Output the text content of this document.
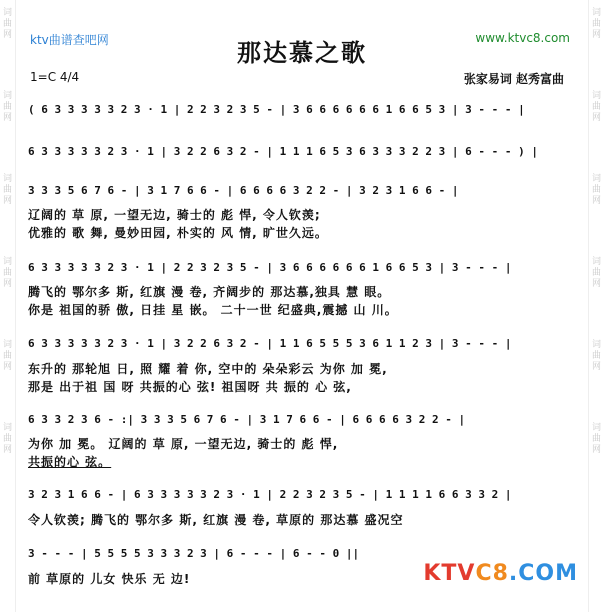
词
曲
网
词
曲
网
词
曲
网
词
曲
网
词
曲
网
词
曲
网
词
曲
网
词
曲
网
词
曲
网
词
曲
网
词
曲
网
词
曲
网
ktv曲谱查吧网	www.ktvc8.com
那达慕之歌
1=C 4/4	张家易词 赵秀富曲
( 6 3 3 3 3 3 2 3 · 1 | 2 2 3 2 3 5 - | 3 6 6 6 6 6 6 1 6 6 5 3 | 3 - - - |
6 3 3 3 3 3 2 3 · 1 | 3 2 2 6 3 2 - | 1 1 1 6 5 3 6 3 3 3 2 2 3 | 6 - - - ) |
3 3 3 5 6 7 6 - | 3 1 7 6 6 - | 6 6 6 6 3 2 2 - | 3 2 3 1 6 6 - |
辽阔的 草 原, 一望无边, 骑士的 彪 悍, 令人钦羡;
优雅的 歌 舞, 曼妙田园, 朴实的 风 情, 旷世久远。
6 3 3 3 3 3 2 3 · 1 | 2 2 3 2 3 5 - | 3 6 6 6 6 6 6 1 6 6 5 3 | 3 - - - |
腾飞的 鄂尔多 斯, 红旗 漫 卷, 齐阔步的 那达慕,独具 慧 眼。
你是 祖国的骄 傲, 日挂 星 嵌。 二十一世 纪盛典,震撼 山 川。
6 3 3 3 3 3 2 3 · 1 | 3 2 2 6 3 2 - | 1 1 6 5 5 5 3 6 1 1 2 3 | 3 - - - |
东升的 那轮旭 日, 照 耀 着 你, 空中的 朵朵彩云 为你 加 冕,
那是 出于祖 国 呀 共振的心 弦! 祖国呀 共 振的 心 弦,
6 3 3 2 3 6 - :| 3 3 3 5 6 7 6 - | 3 1 7 6 6 - | 6 6 6 6 3 2 2 - |
为你 加 冕。 辽阔的 草 原, 一望无边, 骑士的 彪 悍,
共振的心 弦。
3 2 3 1 6 6 - | 6 3 3 3 3 3 2 3 · 1 | 2 2 3 2 3 5 - | 1 1 1 1 6 6 3 3 2 |
令人钦羡; 腾飞的 鄂尔多 斯, 红旗 漫 卷, 草原的 那达慕 盛况空
3 - - - | 5 5 5 5 3 3 3 2 3 | 6 - - - | 6 - - 0 ||
前 草原的 儿女 快乐 无 边!	KTVC8.COM
